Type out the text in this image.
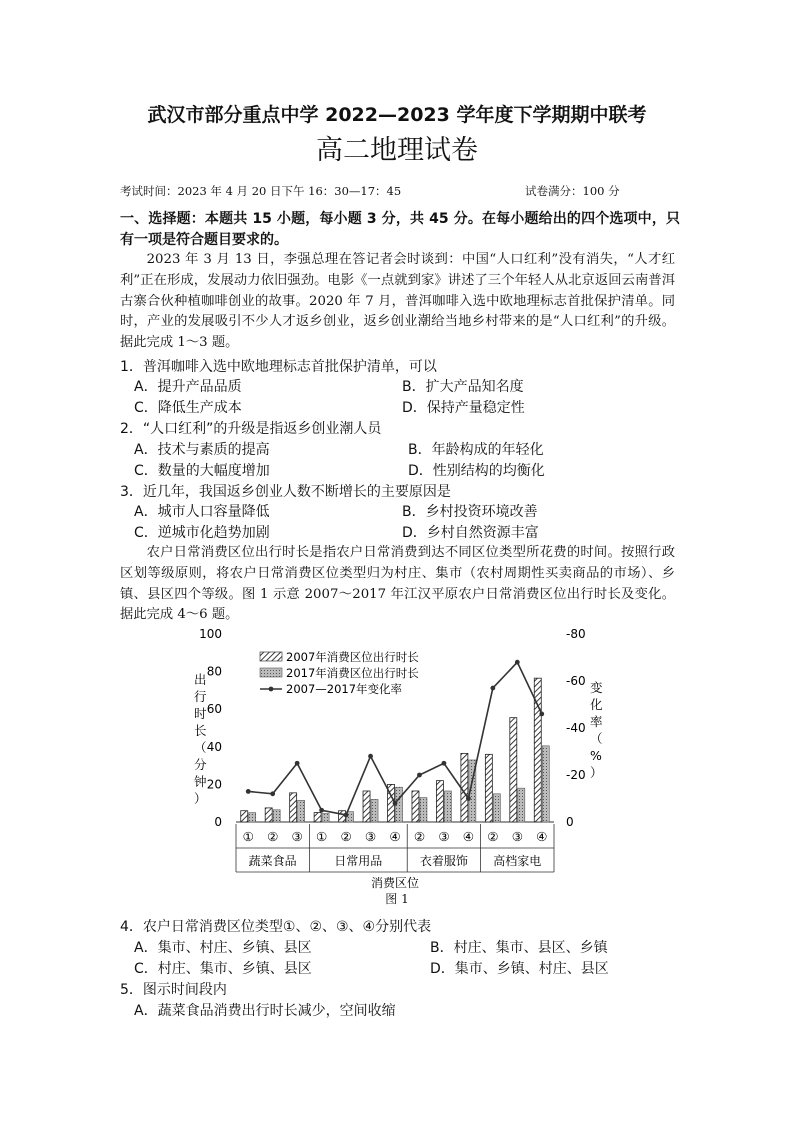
武汉市部分重点中学 2022—2023 学年度下学期期中联考
高二地理试卷
考试时间：2023 年 4 月 20 日下午 16：30—17：45	试卷满分：100 分
一、选择题：本题共 15 小题，每小题 3 分，共 45 分。在每小题给出的四个选项中，只有一项是符合题目要求的。
2023 年 3 月 13 日，李强总理在答记者会时谈到：中国“人口红利”没有消失，“人才红利”正在形成，发展动力依旧强劲。电影《一点就到家》讲述了三个年轻人从北京返回云南普洱古寨合伙种植咖啡创业的故事。2020 年 7 月，普洱咖啡入选中欧地理标志首批保护清单。同时，产业的发展吸引不少人才返乡创业，返乡创业潮给当地乡村带来的是“人口红利”的升级。据此完成 1～3 题。
1．普洱咖啡入选中欧地理标志首批保护清单，可以
A．提升产品品质	B．扩大产品知名度
C．降低生产成本	D．保持产量稳定性
2．“人口红利”的升级是指返乡创业潮人员
A．技术与素质的提高	B．年龄构成的年轻化
C．数量的大幅度增加	D．性别结构的均衡化
3．近几年，我国返乡创业人数不断增长的主要原因是
A．城市人口容量降低	B．乡村投资环境改善
C．逆城市化趋势加剧	D．乡村自然资源丰富
农户日常消费区位出行时长是指农户日常消费到达不同区位类型所花费的时间。按照行政区划等级原则，将农户日常消费区位类型归为村庄、集市（农村周期性买卖商品的市场）、乡镇、县区四个等级。图 1 示意 2007～2017 年江汉平原农户日常消费区位出行时长及变化。据此完成 4～6 题。
0
20
40
60
80
100
0
-20
-40
-60
-80
出行时长（分钟）
变化率（%）
2007年消费区位出行时长
2017年消费区位出行时长
2007—2017年变化率
① ② ③
蔬菜食品
① ② ③ ④
日常用品
② ③ ④
衣着服饰
② ③ ④
高档家电
消费区位
图 1
4．农户日常消费区位类型①、②、③、④分别代表
A．集市、村庄、乡镇、县区	B．村庄、集市、县区、乡镇
C．村庄、集市、乡镇、县区	D．集市、乡镇、村庄、县区
5．图示时间段内
A．蔬菜食品消费出行时长减少，空间收缩
